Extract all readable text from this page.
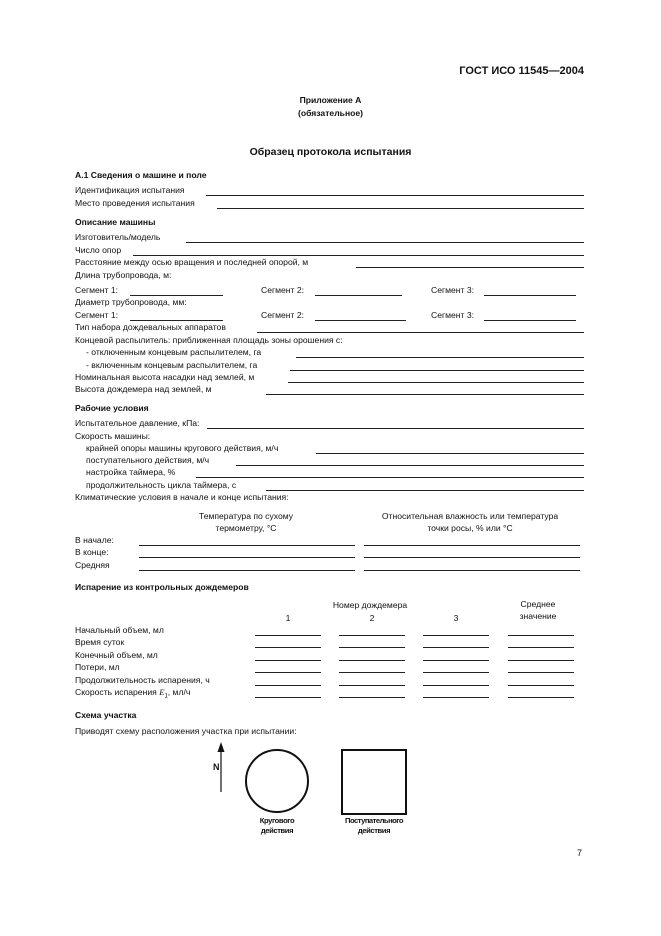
ГОСТ ИСО 11545—2004
Приложение А
(обязательное)
Образец протокола испытания
А.1 Сведения о машине и поле
Идентификация испытания
Место проведения испытания
Описание машины
Изготовитель/модель
Число опор
Расстояние между осью вращения и последней опорой, м
Длина трубопровода, м:
Сегмент 1:	Сегмент 2:	Сегмент 3:
Диаметр трубопровода, мм:
Сегмент 1:	Сегмент 2:	Сегмент 3:
Тип набора дождевальных аппаратов
Концевой распылитель: приближенная площадь зоны орошения с:
- отключенным концевым распылителем, га
- включенным концевым распылителем, га
Номинальная высота насадки над землей, м
Высота дождемера над землей, м
Рабочие условия
Испытательное давление, кПа:
Скорость машины:
крайней опоры машины кругового действия, м/ч
поступательного действия, м/ч
настройка таймера, %
продолжительность цикла таймера, с
Климатические условия в начале и конце испытания:
Температура по сухому
термометру, °С
Относительная влажность или температура
точки росы, % или °С
В начале:
В конце:
Средняя
Испарение из контрольных дождемеров
Номер дождемера	Среднее
значение
1	2	3
Начальный объем, мл
Время суток
Конечный объем, мл
Потери, мл
Продолжительность испарения, ч
Скорость испарения $E_1$, мл/ч
Схема участка
Приводят схему расположения участка при испытании:
N
Кругового
действия
Поступательного
действия
7
